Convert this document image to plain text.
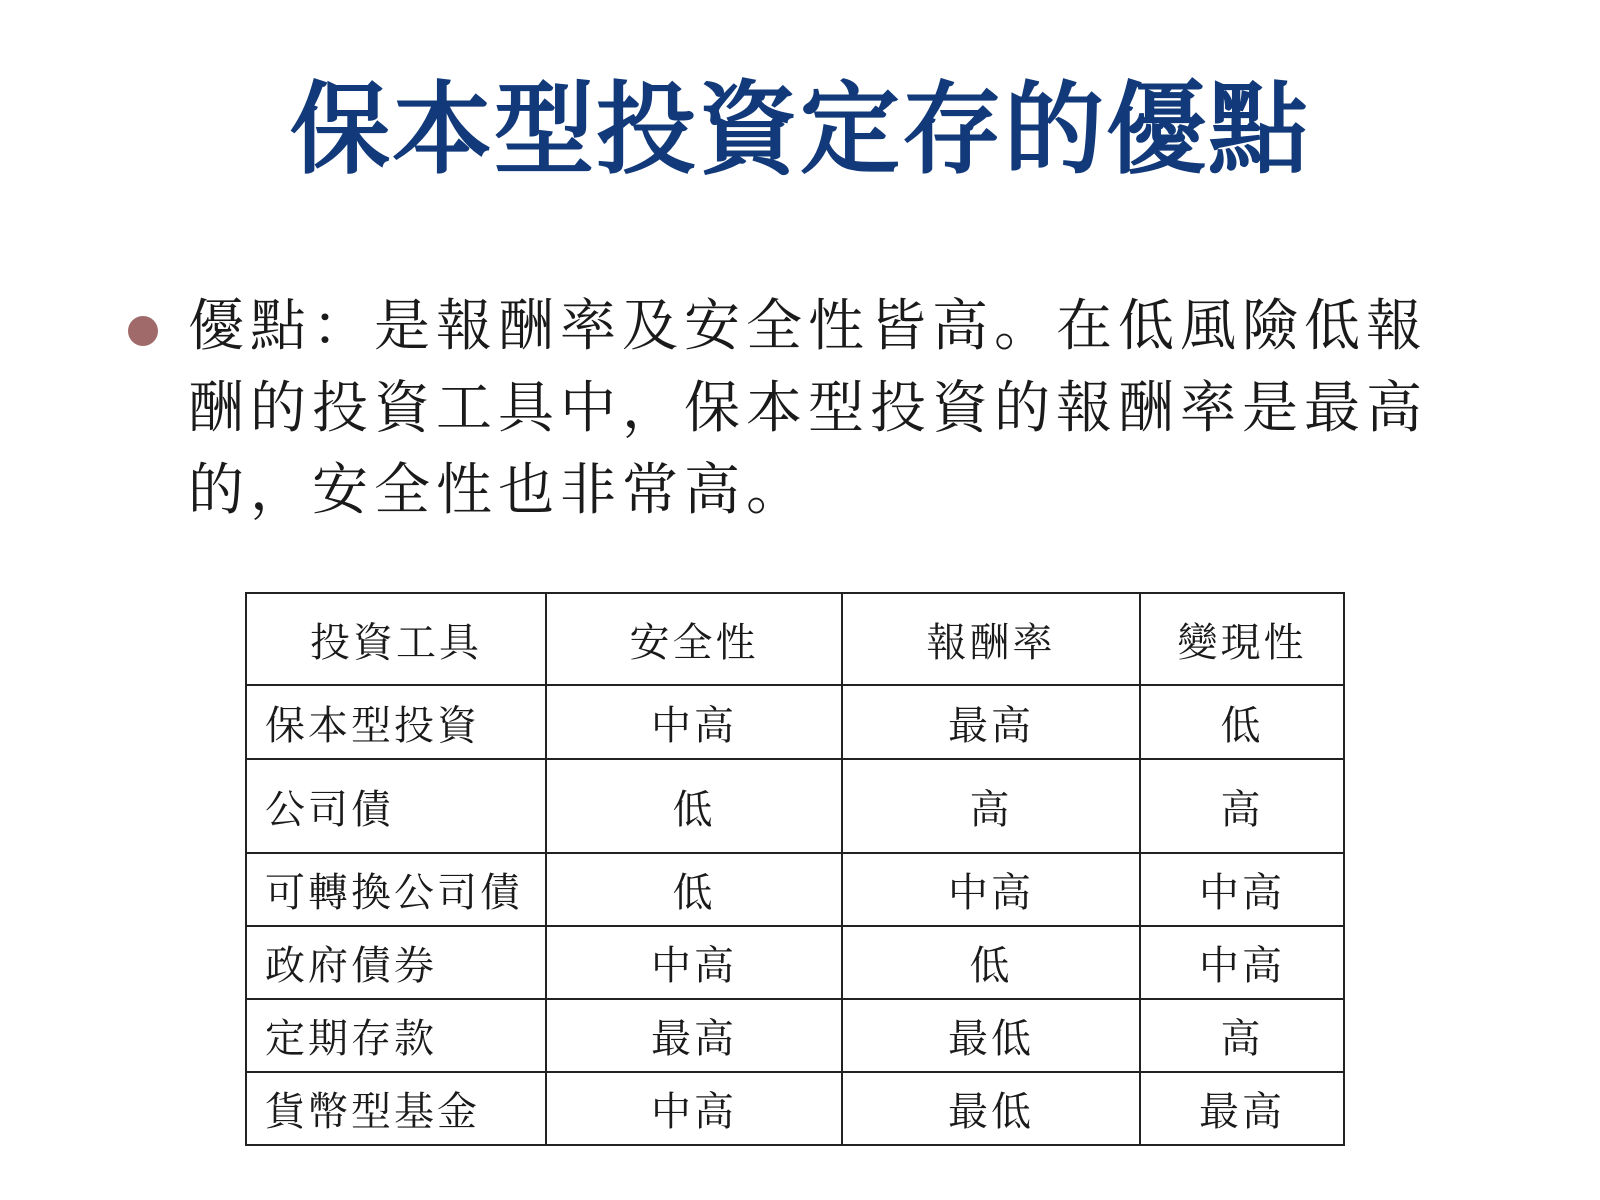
保本型投資定存的優點

優點：是報酬率及安全性皆高。在低風險低報酬的投資工具中，保本型投資的報酬率是最高的，安全性也非常高。

投資工具	安全性	報酬率	變現性
保本型投資	中高	最高	低
公司債	低	高	高
可轉換公司債	低	中高	中高
政府債券	中高	低	中高
定期存款	最高	最低	高
貨幣型基金	中高	最低	最高
